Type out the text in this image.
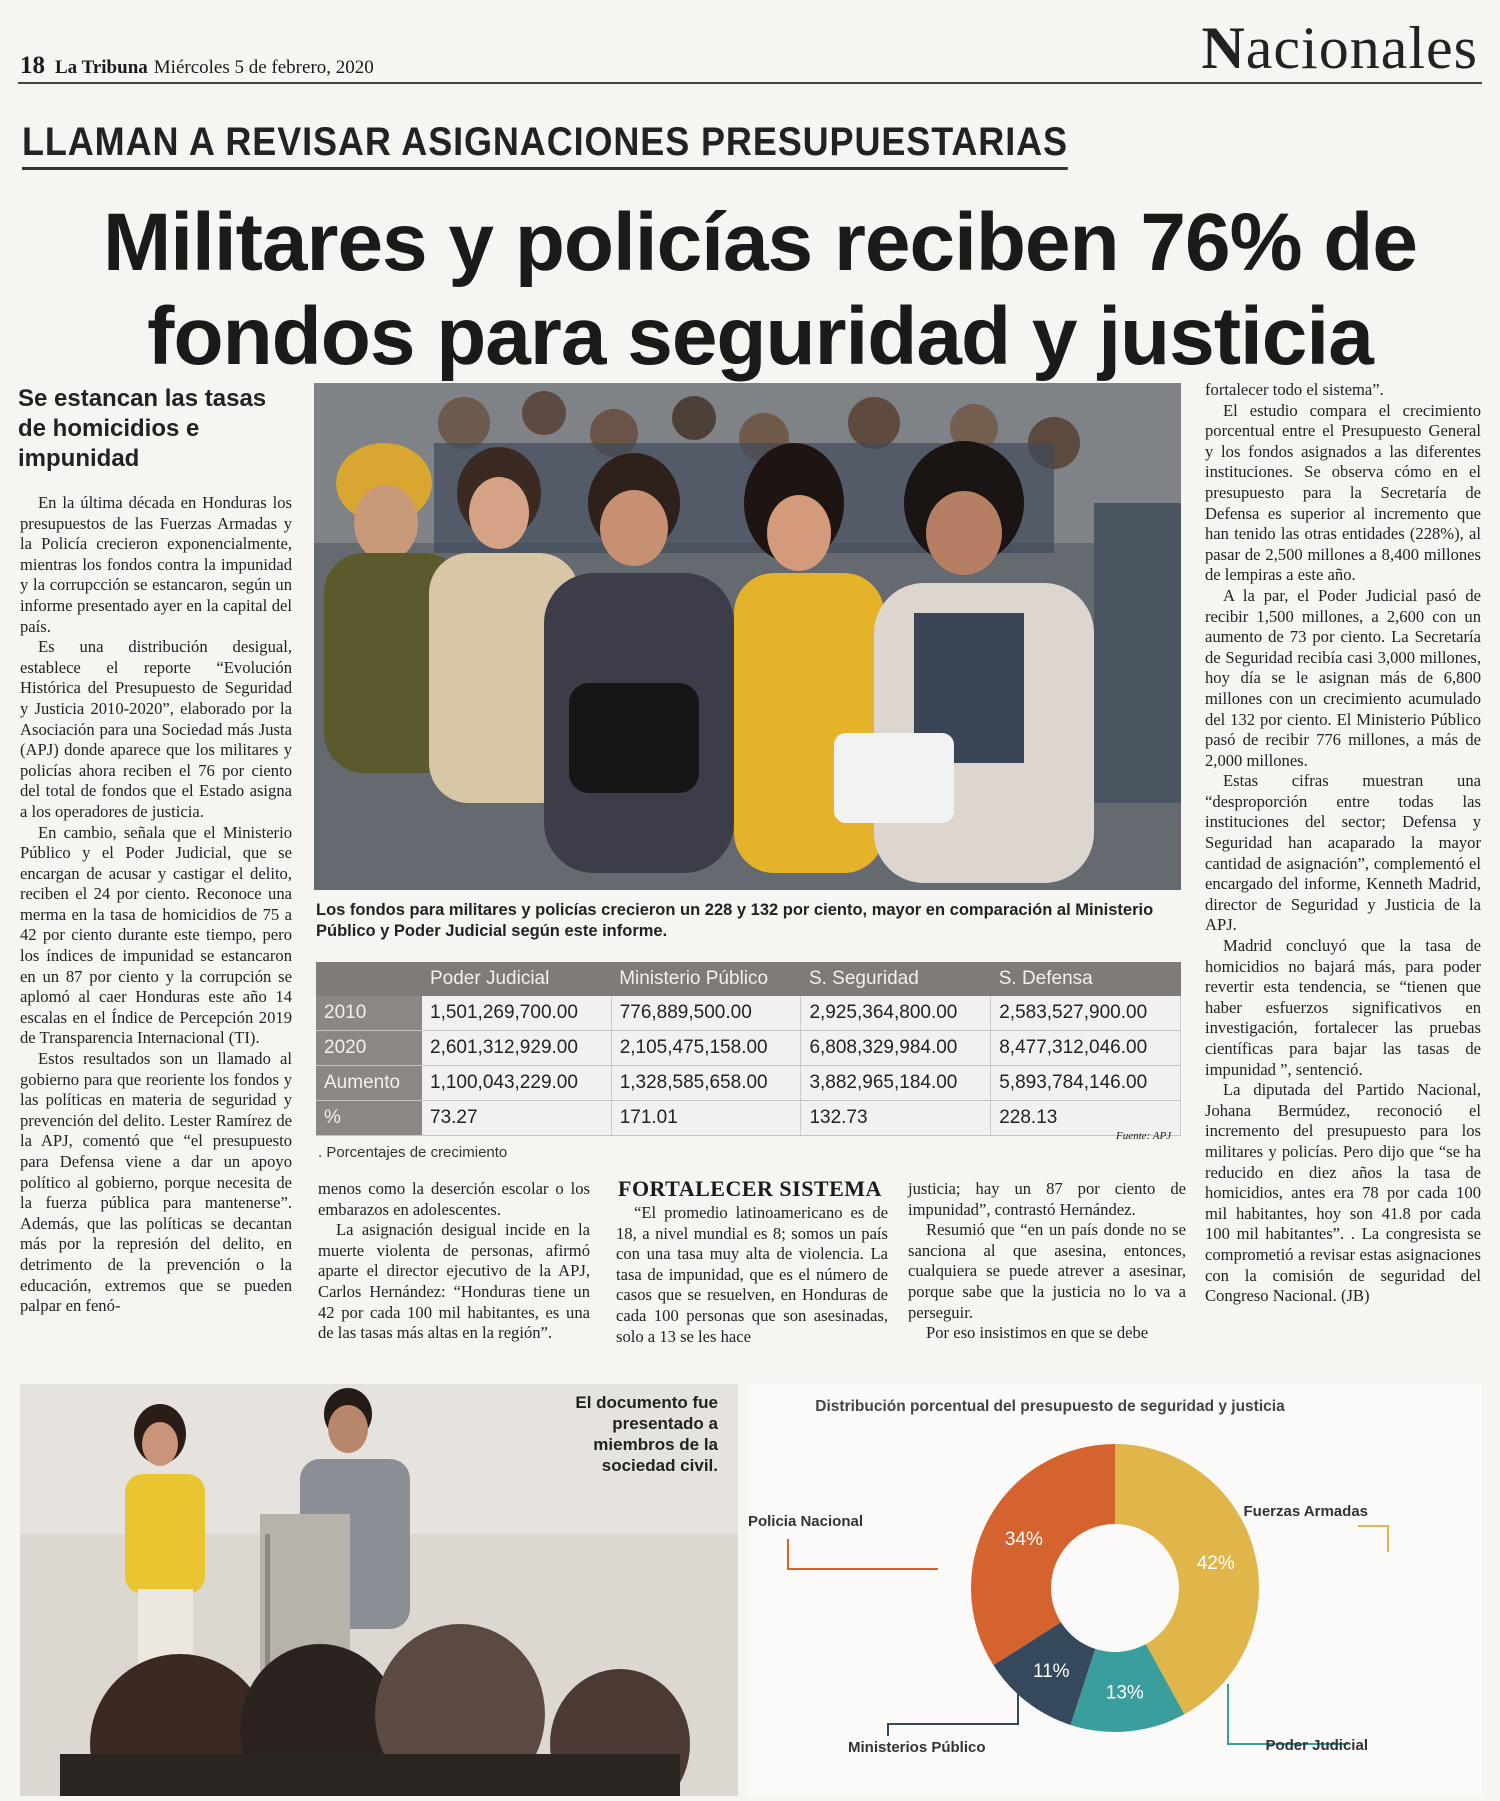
18 La Tribuna Miércoles 5 de febrero, 2020	Nacionales
LLAMAN A REVISAR ASIGNACIONES PRESUPUESTARIAS
Militares y policías reciben 76% de fondos para seguridad y justicia
Se estancan las tasas de homicidios e impunidad

En la última década en Honduras los presupuestos de las Fuerzas Armadas y la Policía crecieron exponencialmente, mientras los fondos contra la impunidad y la corrupcción se estancaron, según un informe presentado ayer en la capital del país.

Es una distribución desigual, establece el reporte “Evolución Histórica del Presupuesto de Seguridad y Justicia 2010-2020”, elaborado por la Asociación para una Sociedad más Justa (APJ) donde aparece que los militares y policías ahora reciben el 76 por ciento del total de fondos que el Estado asigna a los operadores de justicia.

En cambio, señala que el Ministerio Público y el Poder Judicial, que se encargan de acusar y castigar el delito, reciben el 24 por ciento. Reconoce una merma en la tasa de homicidios de 75 a 42 por ciento durante este tiempo, pero los índices de impunidad se estancaron en un 87 por ciento y la corrupción se aplomó al caer Honduras este año 14 escalas en el Índice de Percepción 2019 de Transparencia Internacional (TI).

Estos resultados son un llamado al gobierno para que reoriente los fondos y las políticas en materia de seguridad y prevención del delito. Lester Ramírez de la APJ, comentó que “el presupuesto para Defensa viene a dar un apoyo político al gobierno, porque necesita de la fuerza pública para mantenerse”. Además, que las políticas se decantan más por la represión del delito, en detrimento de la prevención o la educación, extremos que se pueden palpar en fenó-

Los fondos para militares y policías crecieron un 228 y 132 por ciento, mayor en comparación al Ministerio Público y Poder Judicial según este informe.
	Poder Judicial	Ministerio Público	S. Seguridad	S. Defensa
2010	1,501,269,700.00	776,889,500.00	2,925,364,800.00	2,583,527,900.00
2020	2,601,312,929.00	2,105,475,158.00	6,808,329,984.00	8,477,312,046.00
Aumento	1,100,043,229.00	1,328,585,658.00	3,882,965,184.00	5,893,784,146.00
%	73.27	171.01	132.73	228.13
Fuente: APJ
. Porcentajes de crecimiento

menos como la deserción escolar o los embarazos en adolescentes.

La asignación desigual incide en la muerte violenta de personas, afirmó aparte el director ejecutivo de la APJ, Carlos Hernández: “Honduras tiene un 42 por cada 100 mil habitantes, es una de las tasas más altas en la región”.

FORTALECER SISTEMA

“El promedio latinoamericano es de 18, a nivel mundial es 8; somos un país con una tasa muy alta de violencia. La tasa de impunidad, que es el número de casos que se resuelven, en Honduras de cada 100 personas que son asesinadas, solo a 13 se les hace

justicia; hay un 87 por ciento de impunidad”, contrastó Hernández.

Resumió que “en un país donde no se sanciona al que asesina, entonces, cualquiera se puede atrever a asesinar, porque sabe que la justicia no lo va a perseguir.

Por eso insistimos en que se debe

fortalecer todo el sistema”.

El estudio compara el crecimiento porcentual entre el Presupuesto General y los fondos asignados a las diferentes instituciones. Se observa cómo en el presupuesto para la Secretaría de Defensa es superior al incremento que han tenido las otras entidades (228%), al pasar de 2,500 millones a 8,400 millones de lempiras a este año.

A la par, el Poder Judicial pasó de recibir 1,500 millones, a 2,600 con un aumento de 73 por ciento. La Secretaría de Seguridad recibía casi 3,000 millones, hoy día se le asignan más de 6,800 millones con un crecimiento acumulado del 132 por ciento. El Ministerio Público pasó de recibir 776 millones, a más de 2,000 millones.

Estas cifras muestran una “desproporción entre todas las instituciones del sector; Defensa y Seguridad han acaparado la mayor cantidad de asignación”, complementó el encargado del informe, Kenneth Madrid, director de Seguridad y Justicia de la APJ.

Madrid concluyó que la tasa de homicidios no bajará más, para poder revertir esta tendencia, se “tienen que haber esfuerzos significativos en investigación, fortalecer las pruebas científicas para bajar las tasas de impunidad ”, sentenció.

La diputada del Partido Nacional, Johana Bermúdez, reconoció el incremento del presupuesto para los militares y policías. Pero dijo que “se ha reducido en diez años la tasa de homicidios, antes era 78 por cada 100 mil habitantes, hoy son 41.8 por cada 100 mil habitantes”. . La congresista se comprometió a revisar estas asignaciones con la comisión de seguridad del Congreso Nacional. (JB)

El documento fue presentado a miembros de la sociedad civil.
42%
Fuerzas Armadas
13%
Poder Judicial
11%
Ministerios Público
34%
Policia Nacional
Distribución porcentual del presupuesto de seguridad y justicia
